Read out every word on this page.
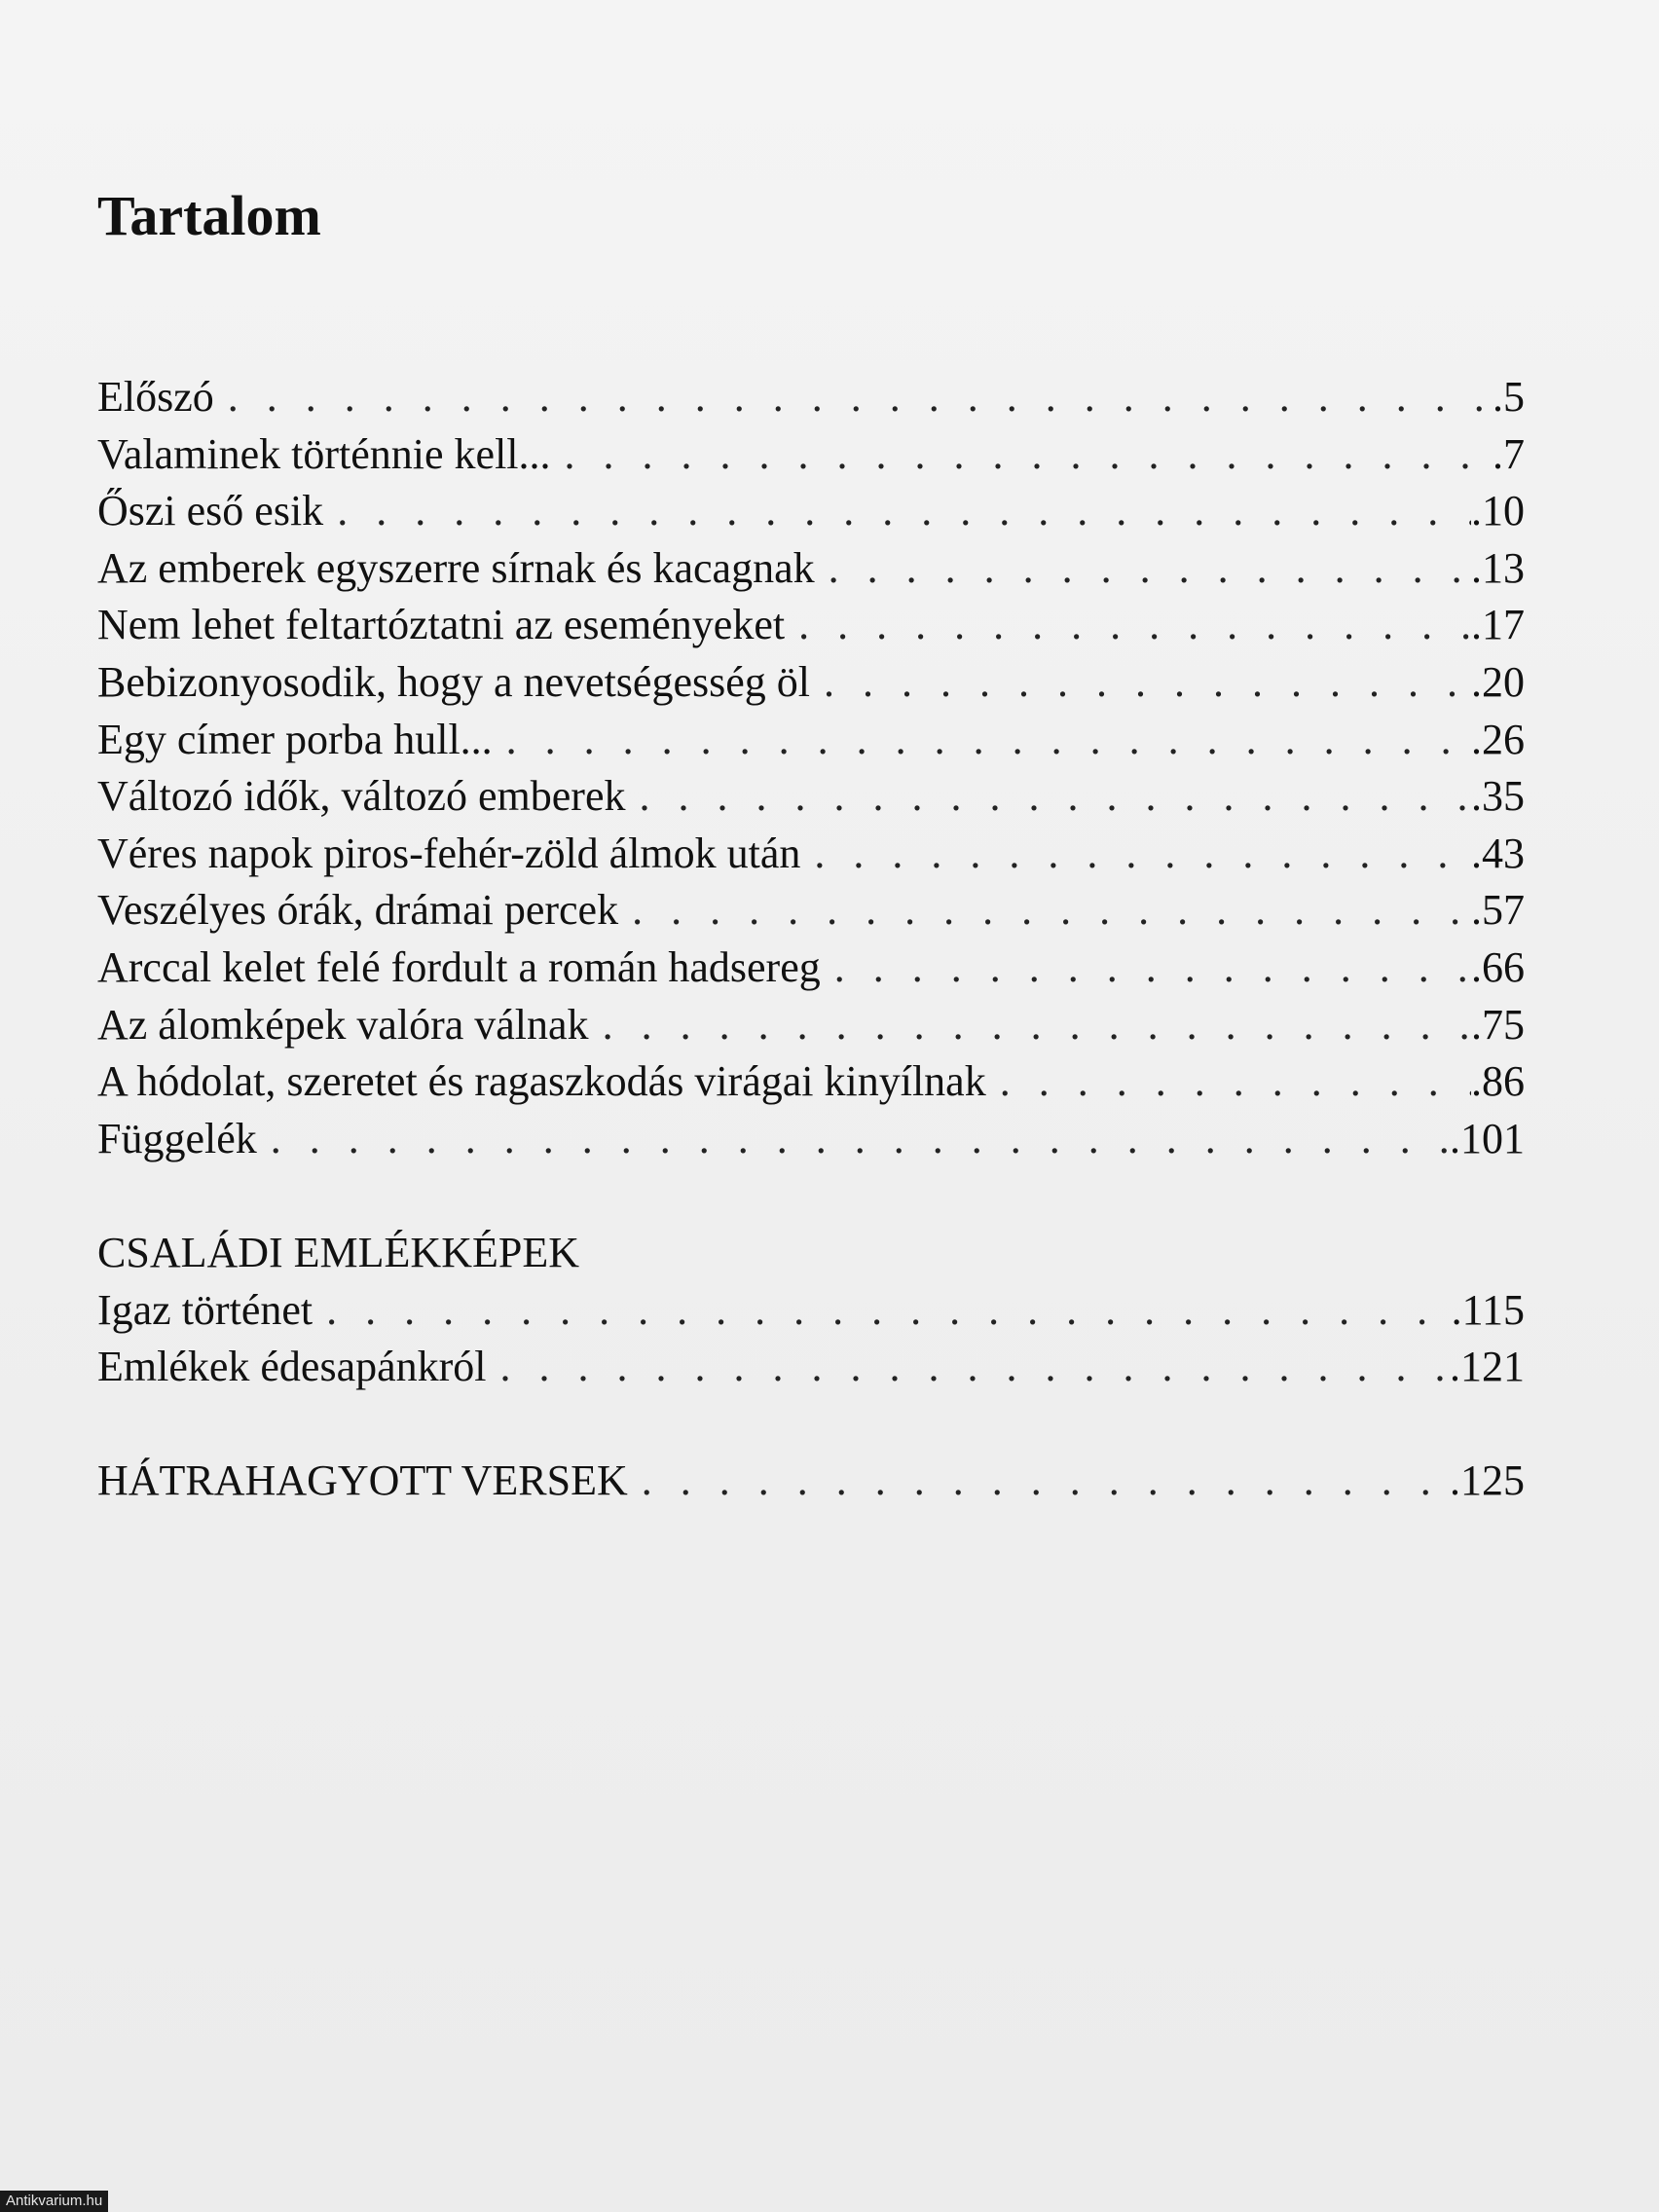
Tartalom
Előszó . . .	.5
Valaminek történnie kell... . . .	.7
Őszi eső esik . . .	.10
Az emberek egyszerre sírnak és kacagnak . . .	.13
Nem lehet feltartóztatni az eseményeket . . .	.17
Bebizonyosodik, hogy a nevetségesség öl . . .	.20
Egy címer porba hull... . . .	.26
Változó idők, változó emberek . . .	.35
Véres napok piros-fehér-zöld álmok után . . .	.43
Veszélyes órák, drámai percek . . .	.57
Arccal kelet felé fordult a román hadsereg . . .	.66
Az álomképek valóra válnak . . .	.75
A hódolat, szeretet és ragaszkodás virágai kinyílnak . . .	.86
Függelék . . .	.101
CSALÁDI EMLÉKKÉPEK
Igaz történet . . .	.115
Emlékek édesapánkról . . .	.121
HÁTRAHAGYOTT VERSEK . . .	.125
Antikvarium.hu
